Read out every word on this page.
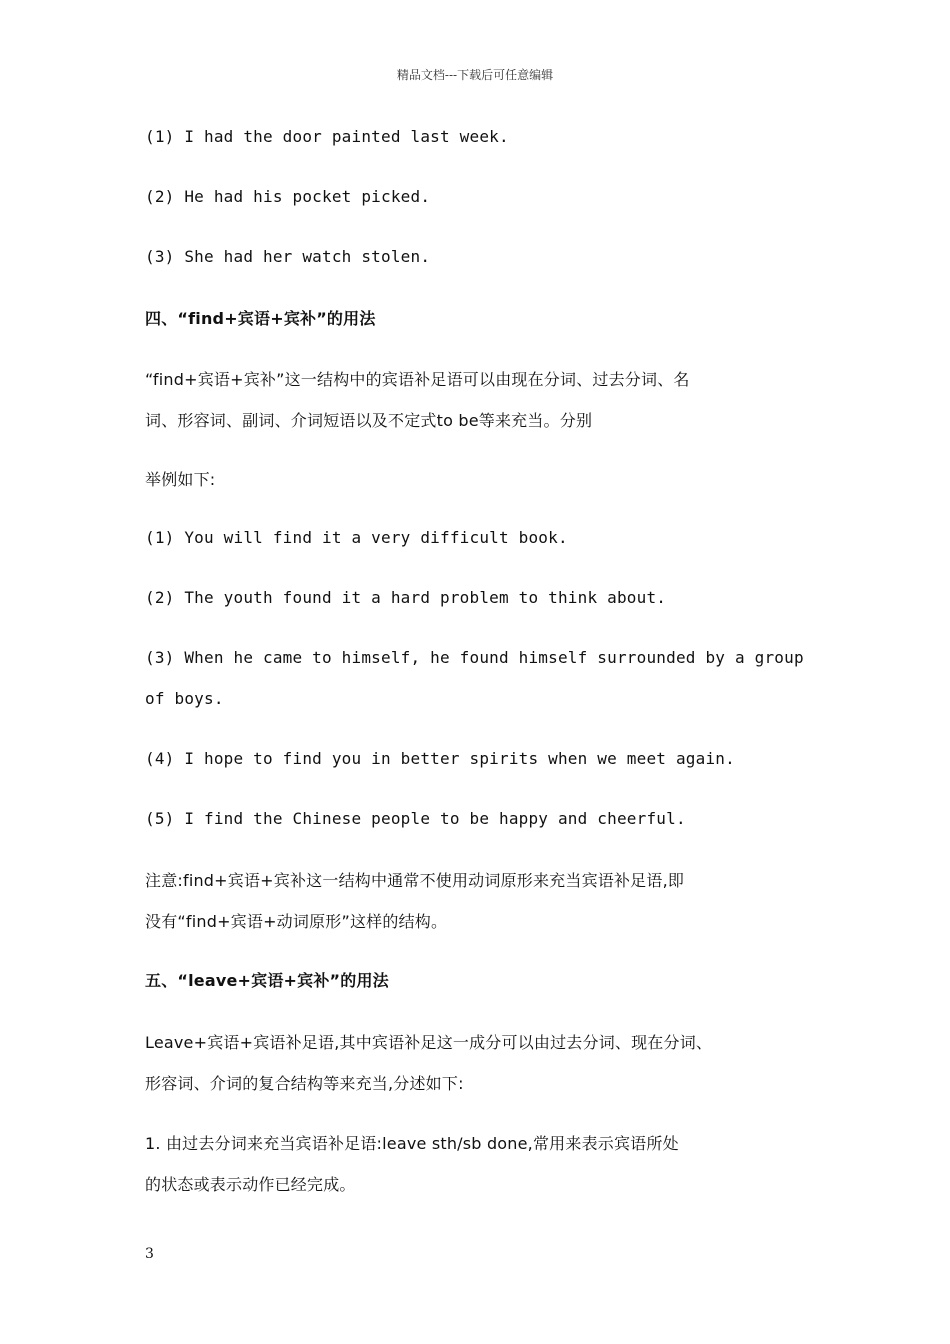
精品文档---下载后可任意编辑
(1) I had the door painted last week.
(2) He had his pocket picked.
(3) She had her watch stolen.
四、“find+宾语+宾补”的用法
“find+宾语+宾补”这一结构中的宾语补足语可以由现在分词、过去分词、名
词、形容词、副词、介词短语以及不定式to be等来充当。分别
举例如下:
(1) You will find it a very difficult book.
(2) The youth found it a hard problem to think about.
(3) When he came to himself, he found himself surrounded by a group
of boys.
(4) I hope to find you in better spirits when we meet again.
(5) I find the Chinese people to be happy and cheerful.
注意:find+宾语+宾补这一结构中通常不使用动词原形来充当宾语补足语,即
没有“find+宾语+动词原形”这样的结构。
五、“leave+宾语+宾补”的用法
Leave+宾语+宾语补足语,其中宾语补足这一成分可以由过去分词、现在分词、
形容词、介词的复合结构等来充当,分述如下:
1. 由过去分词来充当宾语补足语:leave sth/sb done,常用来表示宾语所处
的状态或表示动作已经完成。
3
